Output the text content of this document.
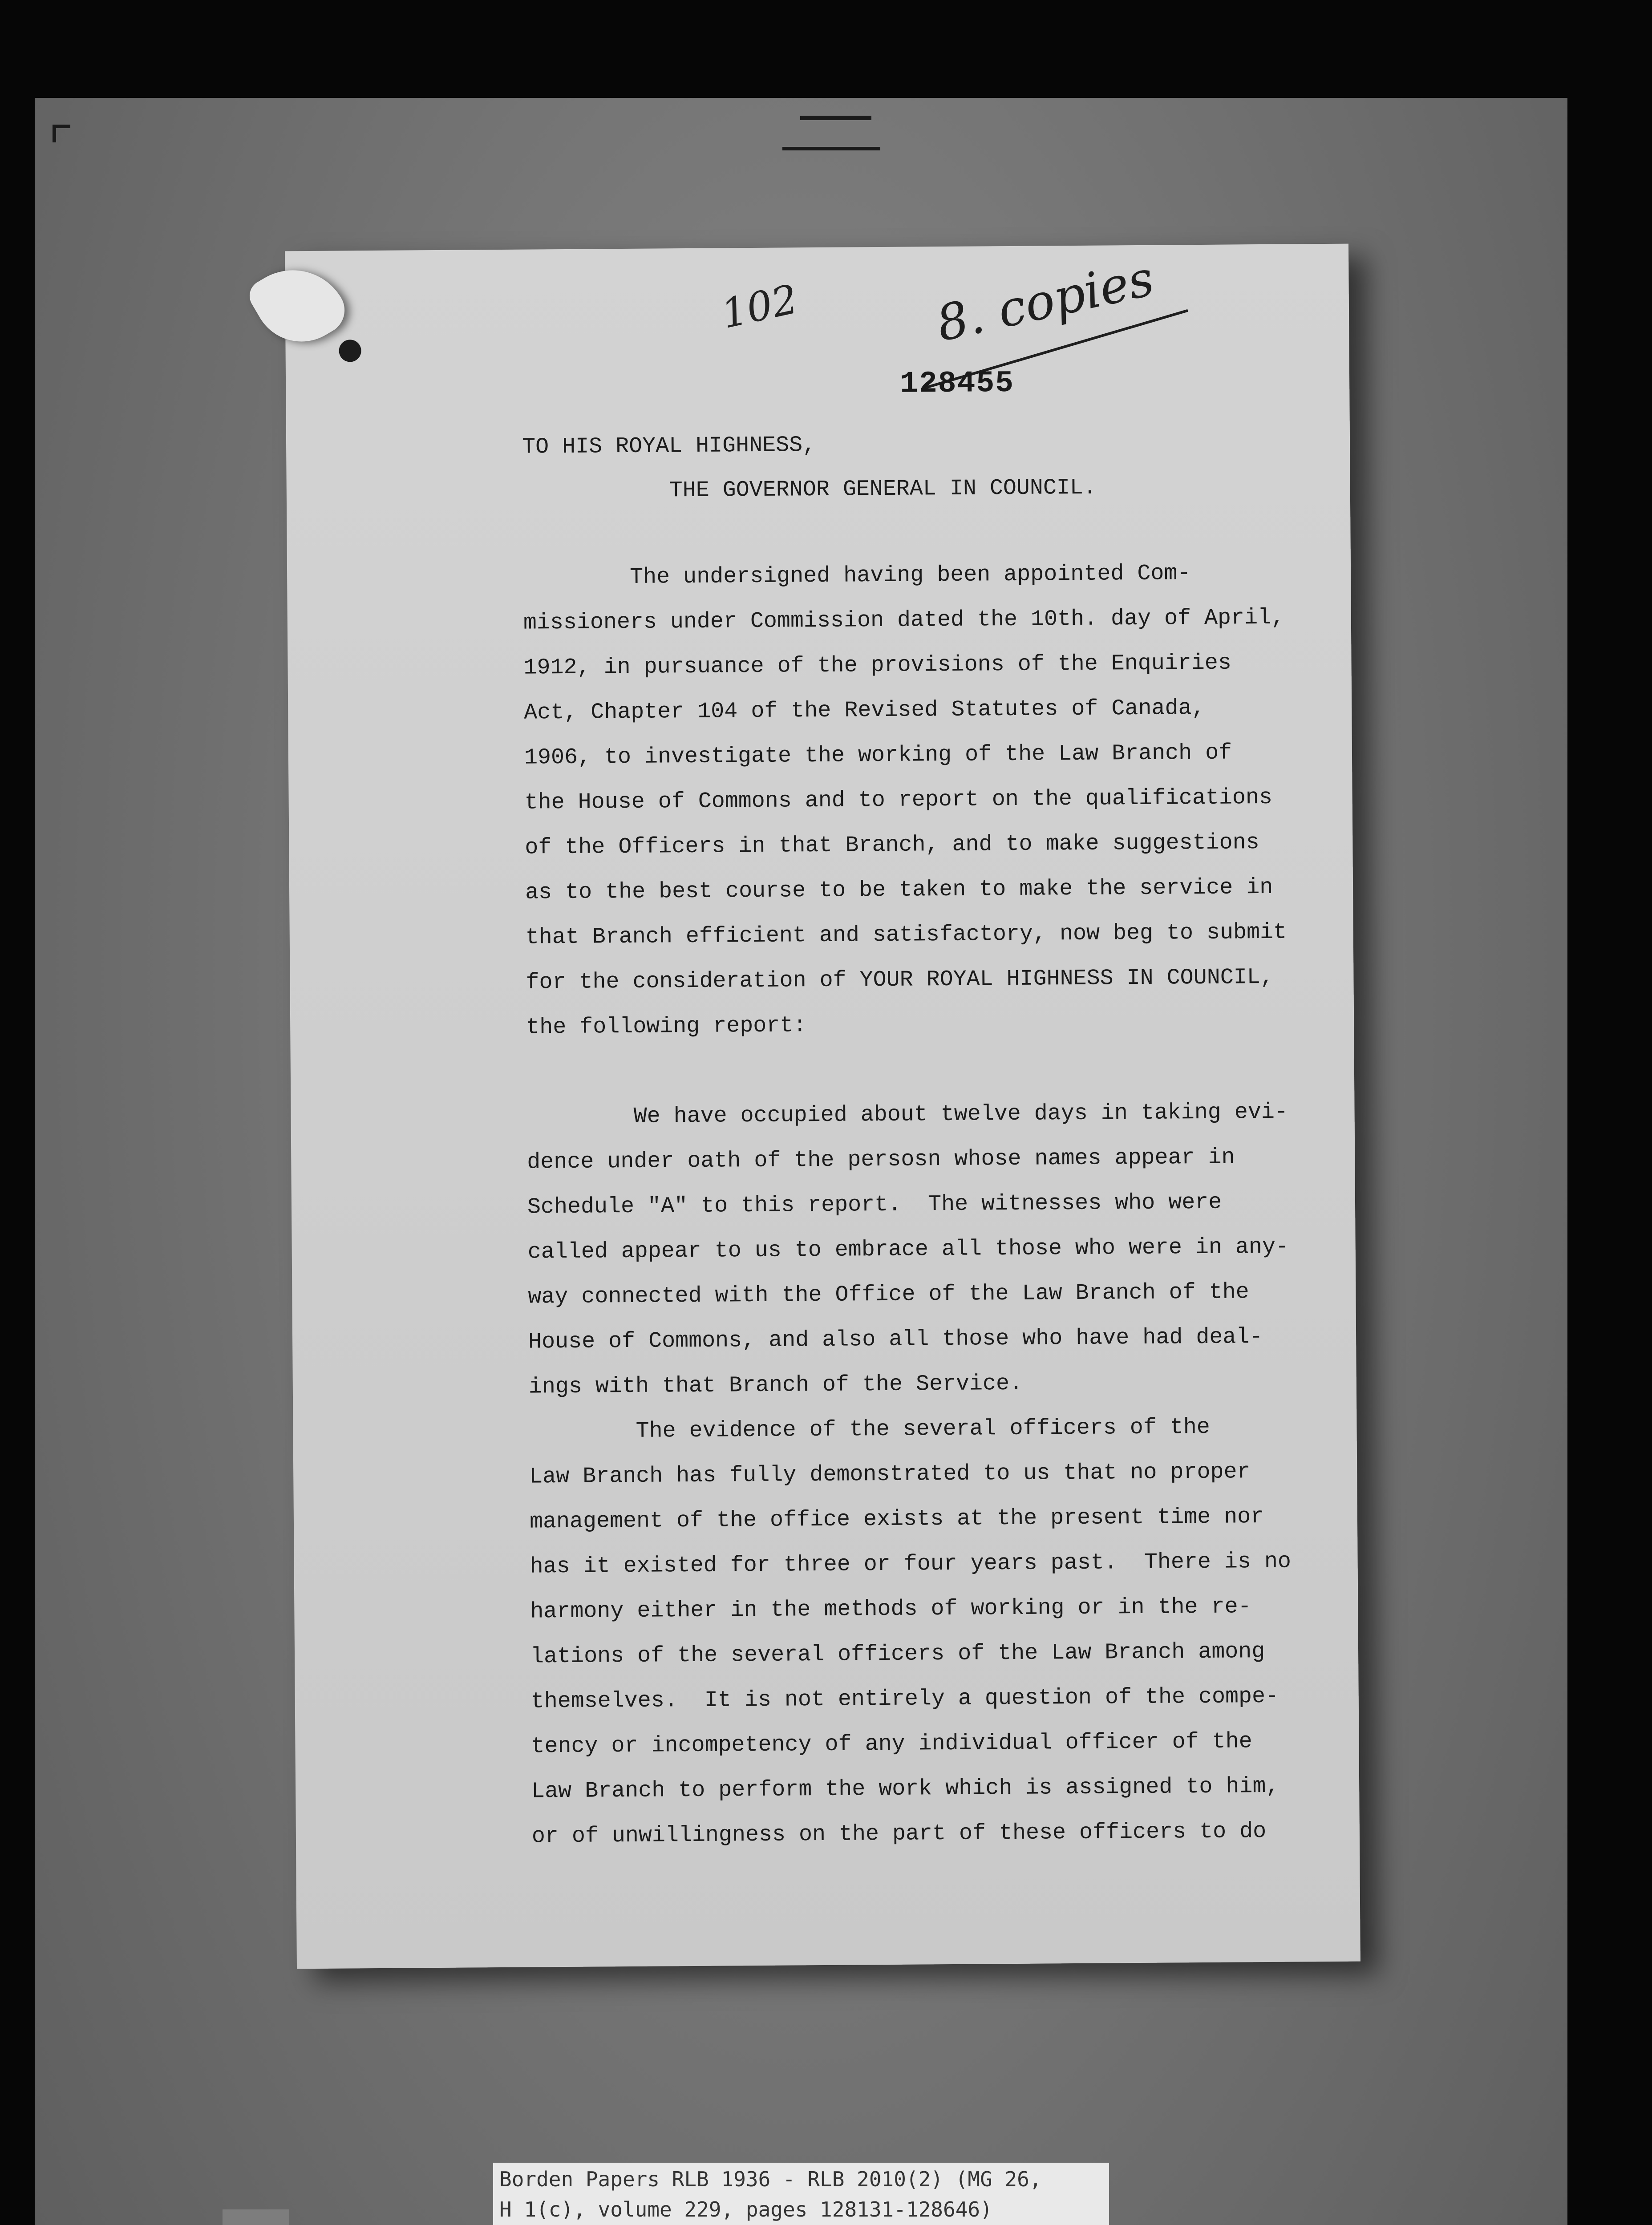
102	8. copies
128455
TO HIS ROYAL HIGHNESS,
THE GOVERNOR GENERAL IN COUNCIL.
The undersigned having been appointed Com-
missioners under Commission dated the 10th. day of April,
1912, in pursuance of the provisions of the Enquiries
Act, Chapter 104 of the Revised Statutes of Canada,
1906, to investigate the working of the Law Branch of
the House of Commons and to report on the qualifications
of the Officers in that Branch, and to make suggestions
as to the best course to be taken to make the service in
that Branch efficient and satisfactory, now beg to submit
for the consideration of YOUR ROYAL HIGHNESS IN COUNCIL,
the following report:
We have occupied about twelve days in taking evi-
dence under oath of the persosn whose names appear in
Schedule "A" to this report.  The witnesses who were
called appear to us to embrace all those who were in any-
way connected with the Office of the Law Branch of the
House of Commons, and also all those who have had deal-
ings with that Branch of the Service.
The evidence of the several officers of the
Law Branch has fully demonstrated to us that no proper
management of the office exists at the present time nor
has it existed for three or four years past.  There is no
harmony either in the methods of working or in the re-
lations of the several officers of the Law Branch among
themselves.  It is not entirely a question of the compe-
tency or incompetency of any individual officer of the
Law Branch to perform the work which is assigned to him,
or of unwillingness on the part of these officers to do
Borden Papers RLB 1936 - RLB 2010(2) (MG 26,
H 1(c), volume 229, pages 128131-128646)
